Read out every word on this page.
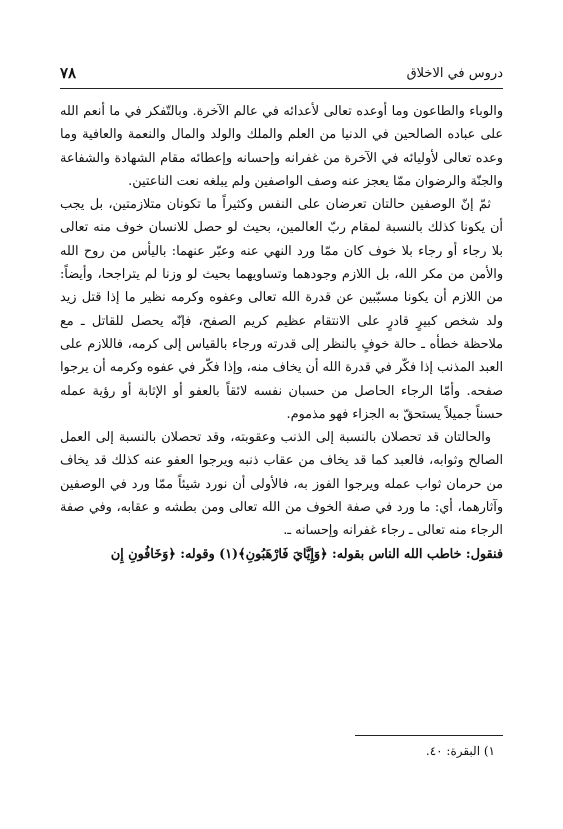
٧٨	دروس في الاخلاق

والوباء والطاعون وما أوعده تعالى لأعدائه في عالم الآخرة. وبالتّفكر في ما أنعم الله على عباده الصالحين في الدنيا من العلم والملك والولد والمال والنعمة والعافية وما وعده تعالى لأوليائه في الآخرة من غفرانه وإحسانه وإعطائه مقام الشهادة والشفاعة والجنّة والرضوان ممّا يعجز عنه وصف الواصفين ولم يبلغه نعت الناعتين.

ثمّ إنّ الوصفين حالتان تعرضان على النفس وكثيراً ما تكونان متلازمتين، بل يجب أن يكونا كذلك بالنسبة لمقام ربّ العالمين، بحيث لو حصل للانسان خوف منه تعالى بلا رجاء أو رجاء بلا خوف كان ممّا ورد النهي عنه وعبّر عنهما: باليأس من روح الله والأمن من مكر الله، بل اللازم وجودهما وتساويهما بحيث لو وزنا لم يتراجحا، وأيضاً: من اللازم أن يكونا مسبّبين عن قدرة الله تعالى وعفوه وكرمه نظير ما إذا قتل زيد ولد شخص كبيرٍ قادرٍ على الانتقام عظيم كريم الصفح، فإنّه يحصل للقاتل ـ مع ملاحظة خطأه ـ حالة خوفٍ بالنظر إلى قدرته ورجاء بالقياس إلى كرمه، فاللازم على العبد المذنب إذا فكّر في قدرة الله أن يخاف منه، وإذا فكّر في عفوه وكرمه أن يرجوا صفحه. وأمّا الرجاء الحاصل من حسبان نفسه لائقاً بالعفو أو الإثابة أو رؤية عمله حسناً جميلاً يستحقّ به الجزاء فهو مذموم.

والحالتان قد تحصلان بالنسبة إلى الذنب وعقوبته، وقد تحصلان بالنسبة إلى العمل الصالح وثوابه، فالعبد كما قد يخاف من عقاب ذنبه ويرجوا العفو عنه كذلك قد يخاف من حرمان ثواب عمله ويرجوا الفوز به، فالأولى أن نورد شيئاً ممّا ورد في الوصفين وآثارهما، أي: ما ورد في صفة الخوف من الله تعالى ومن بطشه و عقابه، وفي صفة الرجاء منه تعالى ـ رجاء غفرانه وإحسانه ـ.

فنقول: خاطب الله الناس بقوله: ﴿وَإِيَّايَ فَارْهَبُونِ﴾(١) وقوله: ﴿وَخَافُونِ إِن

١) البقرة: ٤٠.
